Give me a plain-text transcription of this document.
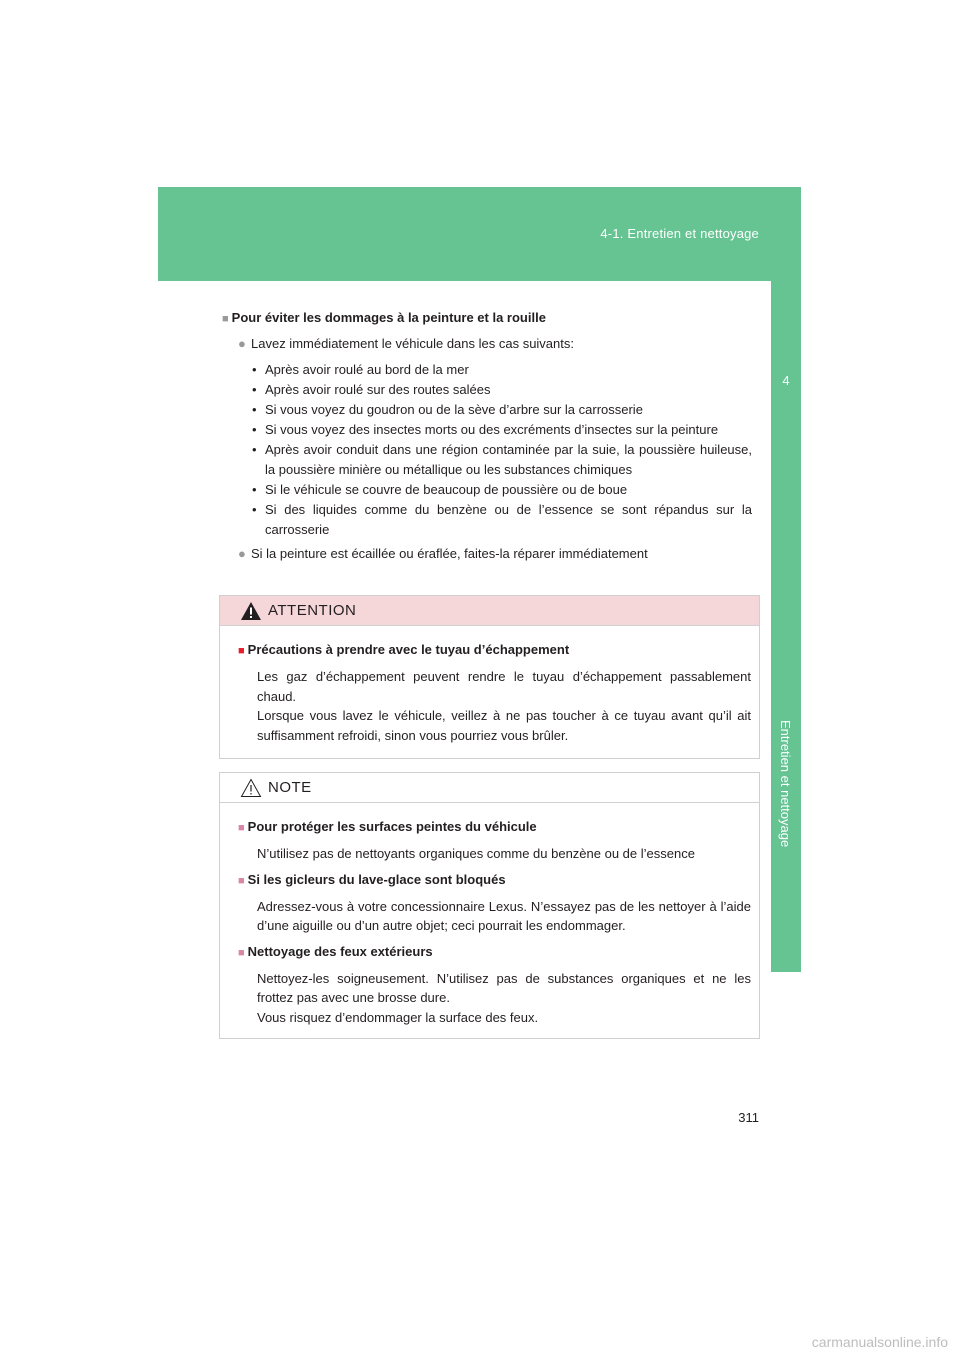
4-1. Entretien et nettoyage
4
Entretien et nettoyage
■ Pour éviter les dommages à la peinture et la rouille
● Lavez immédiatement le véhicule dans les cas suivants:
• Après avoir roulé au bord de la mer
• Après avoir roulé sur des routes salées
• Si vous voyez du goudron ou de la sève d’arbre sur la carrosserie
• Si vous voyez des insectes morts ou des excréments d’insectes sur la peinture
• Après avoir conduit dans une région contaminée par la suie, la poussière huileuse, la poussière minière ou métallique ou les substances chimiques
• Si le véhicule se couvre de beaucoup de poussière ou de boue
• Si des liquides comme du benzène ou de l’essence se sont répandus sur la carrosserie
● Si la peinture est écaillée ou éraflée, faites-la réparer immédiatement
ATTENTION
■ Précautions à prendre avec le tuyau d’échappement

Les gaz d’échappement peuvent rendre le tuyau d’échappement passablement chaud.

Lorsque vous lavez le véhicule, veillez à ne pas toucher à ce tuyau avant qu’il ait suffisamment refroidi, sinon vous pourriez vous brûler.

NOTE
■ Pour protéger les surfaces peintes du véhicule

N’utilisez pas de nettoyants organiques comme du benzène ou de l’essence

■ Si les gicleurs du lave-glace sont bloqués

Adressez-vous à votre concessionnaire Lexus. N’essayez pas de les nettoyer à l’aide d’une aiguille ou d’un autre objet; ceci pourrait les endommager.

■ Nettoyage des feux extérieurs

Nettoyez-les soigneusement. N’utilisez pas de substances organiques et ne les frottez pas avec une brosse dure.

Vous risquez d’endommager la surface des feux.

311
carmanualsonline.info
